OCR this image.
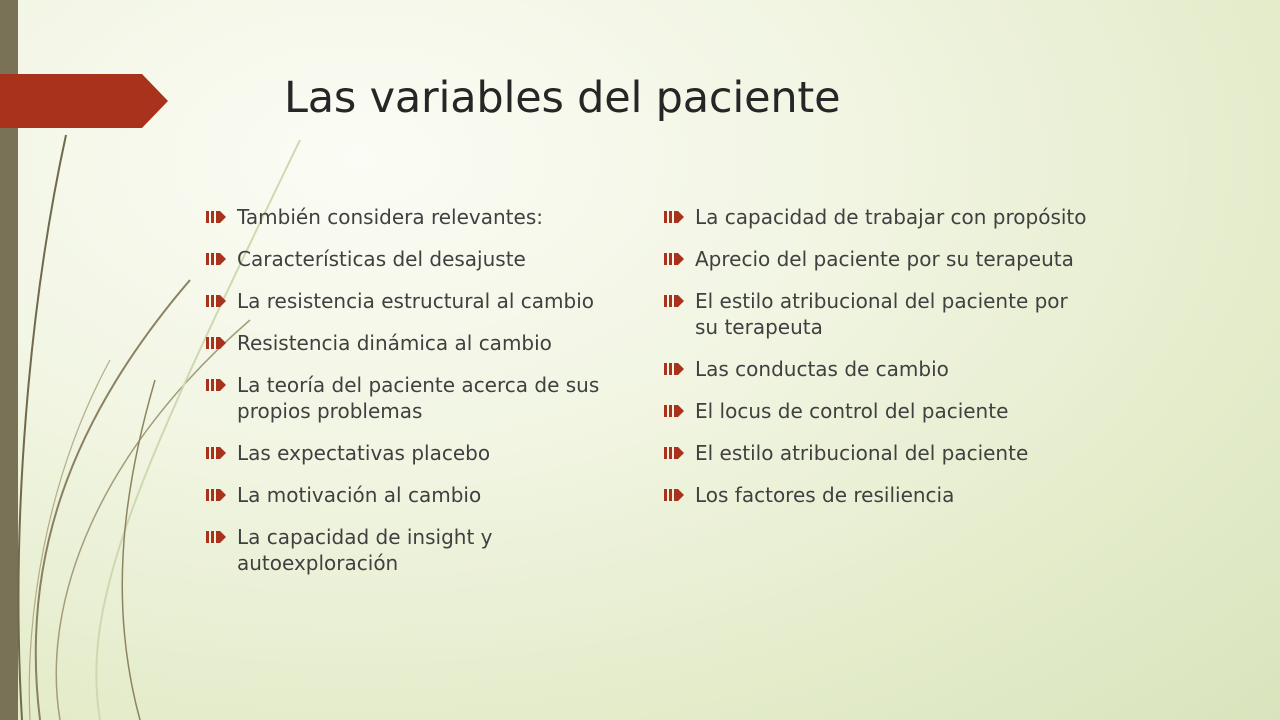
Las variables del paciente
También considera relevantes:
Características del desajuste
La resistencia estructural al cambio
Resistencia dinámica al cambio
La teoría del paciente acerca de sus propios problemas
Las expectativas placebo
La motivación al cambio
La capacidad de insight y autoexploración
La capacidad de trabajar con propósito
Aprecio del paciente por su terapeuta
El estilo atribucional del paciente por su terapeuta
Las conductas de cambio
El locus de control del paciente
El estilo atribucional del paciente
Los factores de resiliencia
